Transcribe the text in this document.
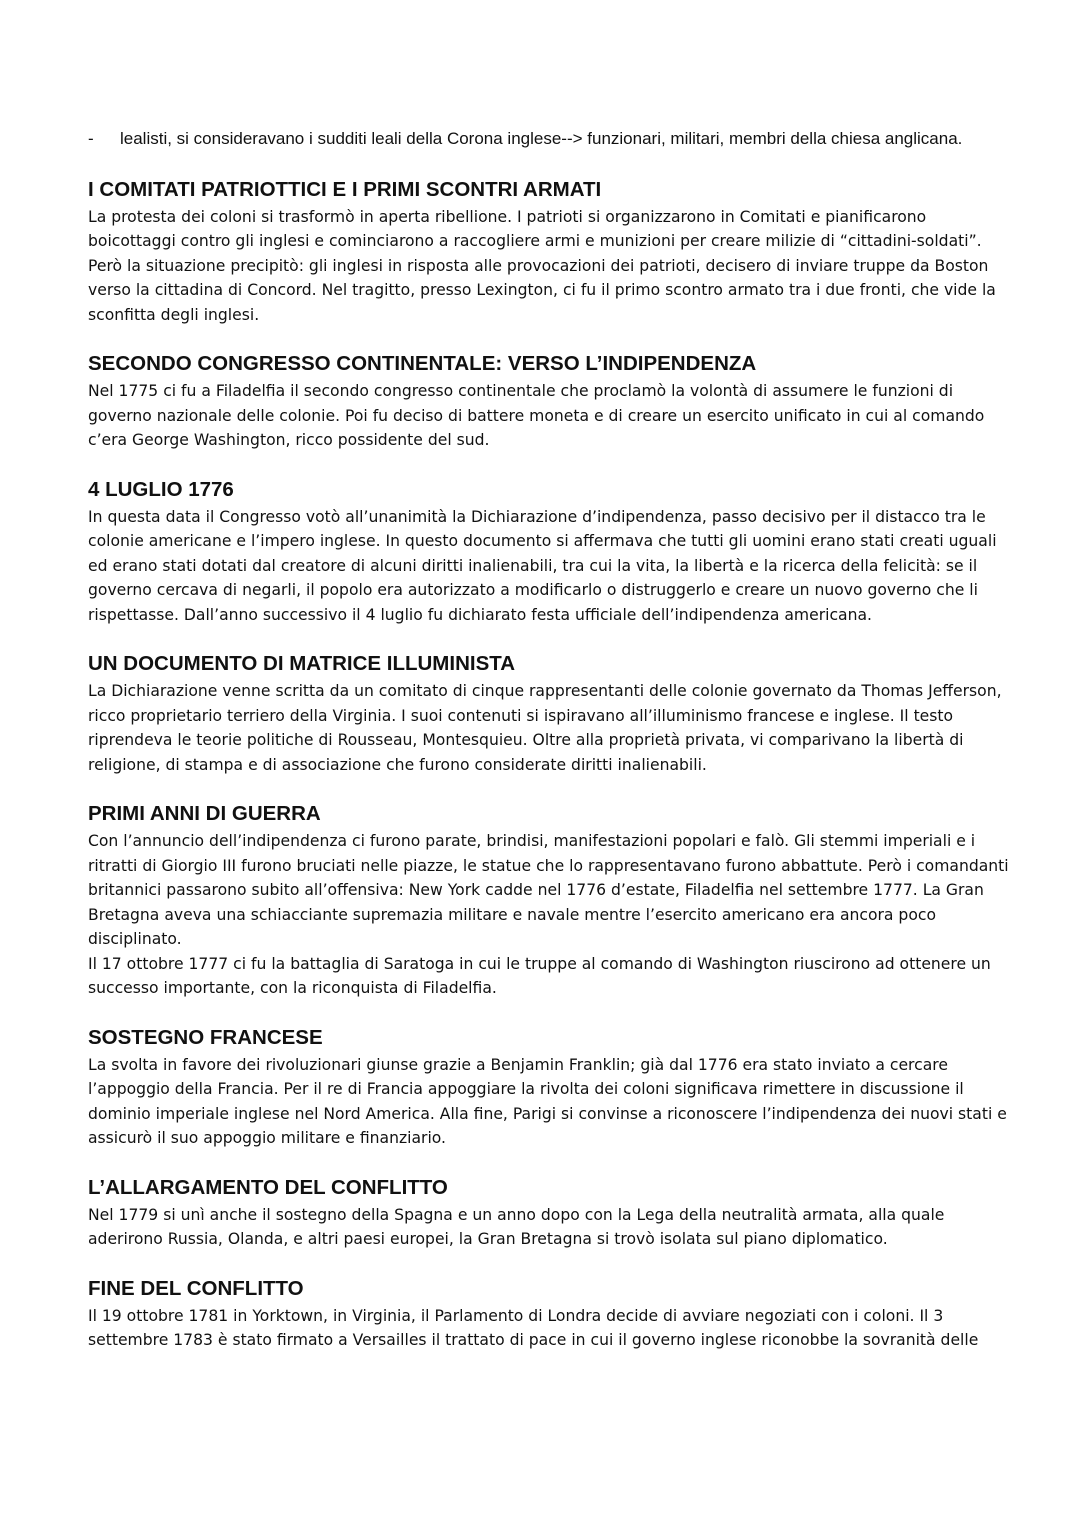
- lealisti, si consideravano i sudditi leali della Corona inglese--> funzionari, militari, membri della chiesa anglicana.
I COMITATI PATRIOTTICI E I PRIMI SCONTRI ARMATI

La protesta dei coloni si trasformò in aperta ribellione. I patrioti si organizzarono in Comitati e pianificarono boicottaggi contro gli inglesi e cominciarono a raccogliere armi e munizioni per creare milizie di “cittadini-soldati”. Però la situazione precipitò: gli inglesi in risposta alle provocazioni dei patrioti, decisero di inviare truppe da Boston verso la cittadina di Concord. Nel tragitto, presso Lexington, ci fu il primo scontro armato tra i due fronti, che vide la sconfitta degli inglesi.

SECONDO CONGRESSO CONTINENTALE: VERSO L’INDIPENDENZA

Nel 1775 ci fu a Filadelfia il secondo congresso continentale che proclamò la volontà di assumere le funzioni di governo nazionale delle colonie. Poi fu deciso di battere moneta e di creare un esercito unificato in cui al comando c’era George Washington, ricco possidente del sud.

4 LUGLIO 1776

In questa data il Congresso votò all’unanimità la Dichiarazione d’indipendenza, passo decisivo per il distacco tra le colonie americane e l’impero inglese. In questo documento si affermava che tutti gli uomini erano stati creati uguali ed erano stati dotati dal creatore di alcuni diritti inalienabili, tra cui la vita, la libertà e la ricerca della felicità: se il governo cercava di negarli, il popolo era autorizzato a modificarlo o distruggerlo e creare un nuovo governo che li rispettasse. Dall’anno successivo il 4 luglio fu dichiarato festa ufficiale dell’indipendenza americana.

UN DOCUMENTO DI MATRICE ILLUMINISTA

La Dichiarazione venne scritta da un comitato di cinque rappresentanti delle colonie governato da Thomas Jefferson, ricco proprietario terriero della Virginia. I suoi contenuti si ispiravano all’illuminismo francese e inglese. Il testo riprendeva le teorie politiche di Rousseau, Montesquieu. Oltre alla proprietà privata, vi comparivano la libertà di religione, di stampa e di associazione che furono considerate diritti inalienabili.

PRIMI ANNI DI GUERRA

Con l’annuncio dell’indipendenza ci furono parate, brindisi, manifestazioni popolari e falò. Gli stemmi imperiali e i ritratti di Giorgio III furono bruciati nelle piazze, le statue che lo rappresentavano furono abbattute. Però i comandanti britannici passarono subito all’offensiva: New York cadde nel 1776 d’estate, Filadelfia nel settembre 1777. La Gran Bretagna aveva una schiacciante supremazia militare e navale mentre l’esercito americano era ancora poco disciplinato.

Il 17 ottobre 1777 ci fu la battaglia di Saratoga in cui le truppe al comando di Washington riuscirono ad ottenere un successo importante, con la riconquista di Filadelfia.

SOSTEGNO FRANCESE

La svolta in favore dei rivoluzionari giunse grazie a Benjamin Franklin; già dal 1776 era stato inviato a cercare l’appoggio della Francia. Per il re di Francia appoggiare la rivolta dei coloni significava rimettere in discussione il dominio imperiale inglese nel Nord America. Alla fine, Parigi si convinse a riconoscere l’indipendenza dei nuovi stati e assicurò il suo appoggio militare e finanziario.

L’ALLARGAMENTO DEL CONFLITTO

Nel 1779 si unì anche il sostegno della Spagna e un anno dopo con la Lega della neutralità armata, alla quale aderirono Russia, Olanda, e altri paesi europei, la Gran Bretagna si trovò isolata sul piano diplomatico.

FINE DEL CONFLITTO

Il 19 ottobre 1781 in Yorktown, in Virginia, il Parlamento di Londra decide di avviare negoziati con i coloni. Il 3 settembre 1783 è stato firmato a Versailles il trattato di pace in cui il governo inglese riconobbe la sovranità delle
